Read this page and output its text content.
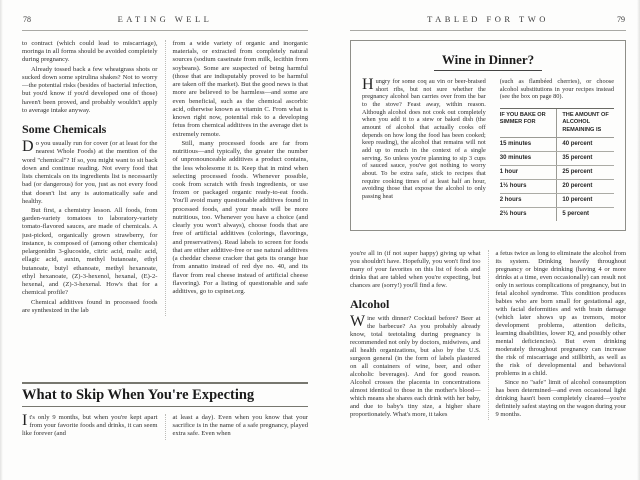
78	EATING WELL

to contract (which could lead to miscarriage), moringa in all forms should be avoided completely during pregnancy.

Already tossed back a few wheatgrass shots or sucked down some spirulina shakes? Not to worry—the potential risks (besides of bacterial infection, but you'd know if you'd developed one of those) haven't been proved, and probably wouldn't apply to average intake anyway.

Some Chemicals

Do you usually run for cover (or at least for the nearest Whole Foods) at the mention of the word "chemical"? If so, you might want to sit back down and continue reading. Not every food that lists chemicals on its ingredients list is necessarily bad (or dangerous) for you, just as not every food that doesn't list any is automatically safe and healthy.

But first, a chemistry lesson. All foods, from garden-variety tomatoes to laboratory-variety tomato-flavored sauces, are made of chemicals. A just-picked, organically grown strawberry, for instance, is composed of (among other chemicals) pelargonidin 3-glucoside, citric acid, malic acid, ellagic acid, auxin, methyl butanoate, ethyl butanoate, butyl ethanoate, methyl hexanoate, ethyl hexanoate, (Z)-3-hexenol, hexanal, (E)-2-hexenal, and (Z)-3-hexenal. How's that for a chemical profile?

Chemical additives found in processed foods are synthesized in the lab

from a wide variety of organic and inorganic materials, or extracted from completely natural sources (sodium caseinate from milk, lecithin from soybeans). Some are suspected of being harmful (those that are indisputably proved to be harmful are taken off the market). But the good news is that more are believed to be harmless—and some are even beneficial, such as the chemical ascorbic acid, otherwise known as vitamin C. From what is known right now, potential risk to a developing fetus from chemical additives in the average diet is extremely remote.

Still, many processed foods are far from nutritious—and typically, the greater the number of unpronounceable additives a product contains, the less wholesome it is. Keep that in mind when selecting processed foods. Whenever possible, cook from scratch with fresh ingredients, or use frozen or packaged organic ready-to-eat foods. You'll avoid many questionable additives found in processed foods, and your meals will be more nutritious, too. Whenever you have a choice (and clearly you won't always), choose foods that are free of artificial additives (colorings, flavorings, and preservatives). Read labels to screen for foods that are either additive-free or use natural additives (a cheddar cheese cracker that gets its orange hue from annatto instead of red dye no. 40, and its flavor from real cheese instead of artificial cheese flavoring). For a listing of questionable and safe additives, go to cspinet.org.

What to Skip When You're Expecting

It's only 9 months, but when you're kept apart from your favorite foods and drinks, it can seem like forever (and

at least a day). Even when you know that your sacrifice is in the name of a safe pregnancy, played extra safe. Even when

79
TABLED FOR TWO
Wine in Dinner?

Hungry for some coq au vin or beer-braised short ribs, but not sure whether the pregnancy alcohol ban carries over from the bar to the stove? Feast away, within reason. Although alcohol does not cook out completely when you add it to a stew or baked dish (the amount of alcohol that actually cooks off depends on how long the food has been cooked; keep reading), the alcohol that remains will not add up to much in the context of a single serving. So unless you're planning to sip 3 cups of sauced sauce, you've got nothing to worry about. To be extra safe, stick to recipes that require cooking times of at least half an hour, avoiding those that expose the alcohol to only passing heat

(such as flambéed cherries), or choose alcohol substitutions in your recipes instead (see the box on page 80).

IF YOU BAKE OR SIMMER FOR	THE AMOUNT OF ALCOHOL REMAINING IS
15 minutes	40 percent
30 minutes	35 percent
1 hour	25 percent
1½ hours	20 percent
2 hours	10 percent
2½ hours	5 percent

you're all in (if not super happy) giving up what you shouldn't have. Hopefully, you won't find too many of your favorites on this list of foods and drinks that are tabled when you're expecting, but chances are (sorry!) you'll find a few.

Alcohol

Wine with dinner? Cocktail before? Beer at the barbecue? As you probably already know, total teetotaling during pregnancy is recommended not only by doctors, midwives, and all health organizations, but also by the U.S. surgeon general (in the form of labels plastered on all containers of wine, beer, and other alcoholic beverages). And for good reason. Alcohol crosses the placenta in concentrations almost identical to those in the mother's blood—which means she shares each drink with her baby, and due to baby's tiny size, a higher share proportionately. What's more, it takes

a fetus twice as long to eliminate the alcohol from its system. Drinking heavily throughout pregnancy or binge drinking (having 4 or more drinks at a time, even occasionally) can result not only in serious complications of pregnancy, but in fetal alcohol syndrome. This condition produces babies who are born small for gestational age, with facial deformities and with brain damage (which later shows up as tremors, motor development problems, attention deficits, learning disabilities, lower IQ, and possibly other mental deficiencies). But even drinking moderately throughout pregnancy can increase the risk of miscarriage and stillbirth, as well as the risk of developmental and behavioral problems in a child.

Since no "safe" limit of alcohol consumption has been determined—and even occasional light drinking hasn't been completely cleared—you're definitely safest staying on the wagon during your 9 months.
